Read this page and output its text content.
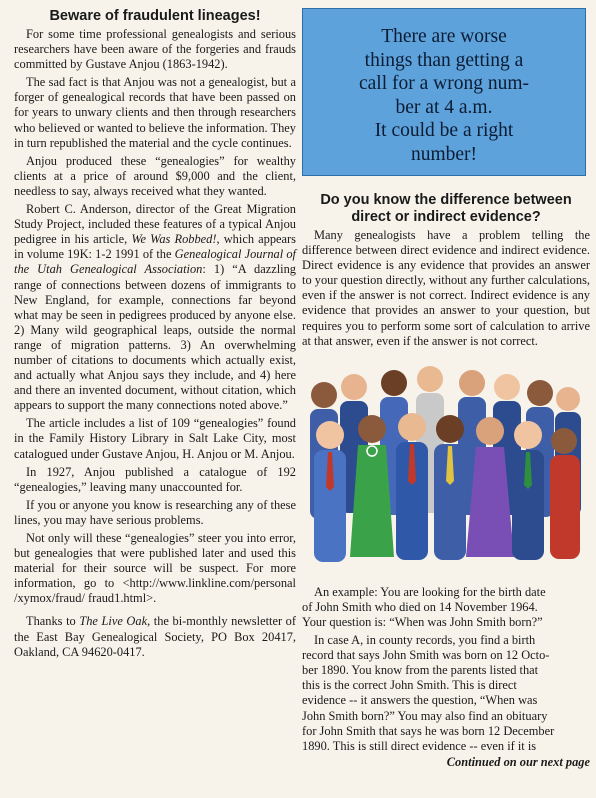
Beware of fraudulent lineages!

For some time professional genealogists and serious researchers have been aware of the forgeries and frauds committed by Gustave Anjou (1863-1942).

The sad fact is that Anjou was not a genealogist, but a forger of genealogical records that have been passed on for years to unwary clients and then through researchers who believed or wanted to believe the information. They in turn republished the material and the cycle continues.

Anjou produced these “genealogies” for wealthy clients at a price of around $9,000 and the client, needless to say, always received what they wanted.

Robert C. Anderson, director of the Great Migration Study Project, included these features of a typical Anjou pedigree in his article, We Was Robbed!, which appears in volume 19K: 1-2 1991 of the Genealogical Journal of the Utah Genealogical Association: 1) “A dazzling range of connections between dozens of immigrants to New England, for example, connections far beyond what may be seen in pedigrees produced by anyone else. 2) Many wild geographical leaps, outside the normal range of migration patterns. 3) An overwhelming number of citations to documents which actually exist, and actually what Anjou says they include, and 4) here and there an invented document, without citation, which appears to support the many connections noted above.”

The article includes a list of 109 “genealogies” found in the Family History Library in Salt Lake City, most catalogued under Gustave Anjou, H. Anjou or M. Anjou.

In 1927, Anjou published a catalogue of 192 “genealogies,” leaving many unaccounted for.

If you or anyone you know is researching any of these lines, you may have serious problems.

Not only will these “genealogies” steer you into error, but genealogies that were published later and used this material for their source will be suspect. For more information, go to <http://www.linkline.com/personal /xymox/fraud/ fraud1.html>.

Thanks to The Live Oak, the bi-monthly newsletter of the East Bay Genealogical Society, PO Box 20417, Oakland, CA 94620-0417.

There are worse
things than getting a
call for a wrong num-
ber at 4 a.m.
It could be a right
number!
Do you know the difference between
direct or indirect evidence?

Many genealogists have a problem telling the difference between direct evidence and indirect evidence. Direct evidence is any evidence that provides an answer to your question directly, without any further calculations, even if the answer is not correct. Indirect evidence is any evidence that provides an answer to your question, but requires you to perform some sort of calculation to arrive at that answer, even if the answer is not correct.

An example: You are looking for the birth date
of John Smith who died on 14 November 1964.
Your question is: “When was John Smith born?”
In case A, in county records, you find a birth
record that says John Smith was born on 12 Octo-
ber 1890. You know from the parents listed that
this is the correct John Smith. This is direct
evidence -- it answers the question, “When was
John Smith born?” You may also find an obituary
for John Smith that says he was born 12 December
1890. This is still direct evidence -- even if it is
Continued on our next page
